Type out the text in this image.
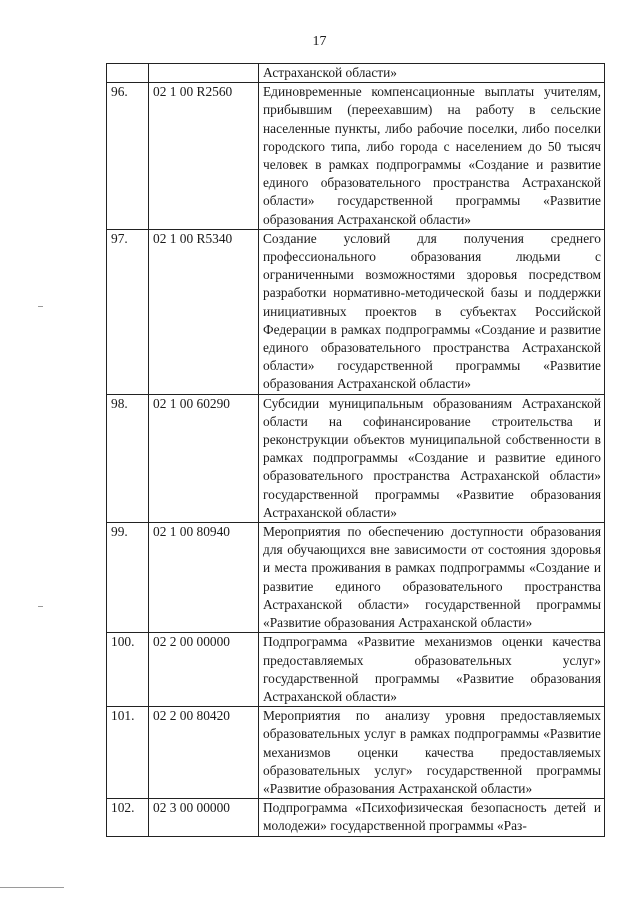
17
		Астраханской области»
96.	02 1 00 R2560	Единовременные компенсационные выплаты учителям, прибывшим (переехавшим) на работу в сельские населенные пункты, либо рабочие поселки, либо поселки городского типа, либо города с населением до 50 тысяч человек в рамках подпрограммы «Создание и развитие единого образовательного пространства Астраханской области» государственной программы «Развитие образования Астраханской области»
97.	02 1 00 R5340	Создание условий для получения среднего профессионального образования людьми с ограниченными возможностями здоровья посредством разработки нормативно-методической базы и поддержки инициативных проектов в субъектах Российской Федерации в рамках подпрограммы «Создание и развитие единого образовательного пространства Астраханской области» государственной программы «Развитие образования Астраханской области»
98.	02 1 00 60290	Субсидии муниципальным образованиям Астраханской области на софинансирование строительства и реконструкции объектов муниципальной собственности в рамках подпрограммы «Создание и развитие единого образовательного пространства Астраханской области» государственной программы «Развитие образования Астраханской области»
99.	02 1 00 80940	Мероприятия по обеспечению доступности образования для обучающихся вне зависимости от состояния здоровья и места проживания в рамках подпрограммы «Создание и развитие единого образовательного пространства Астраханской области» государственной программы «Развитие образования Астраханской области»
100.	02 2 00 00000	Подпрограмма «Развитие механизмов оценки качества предоставляемых образовательных услуг» государственной программы «Развитие образования Астраханской области»
101.	02 2 00 80420	Мероприятия по анализу уровня предоставляемых образовательных услуг в рамках подпрограммы «Развитие механизмов оценки качества предоставляемых образовательных услуг» государственной программы «Развитие образования Астраханской области»
102.	02 3 00 00000	Подпрограмма «Психофизическая безопасность детей и молодежи» государственной программы «Раз-
